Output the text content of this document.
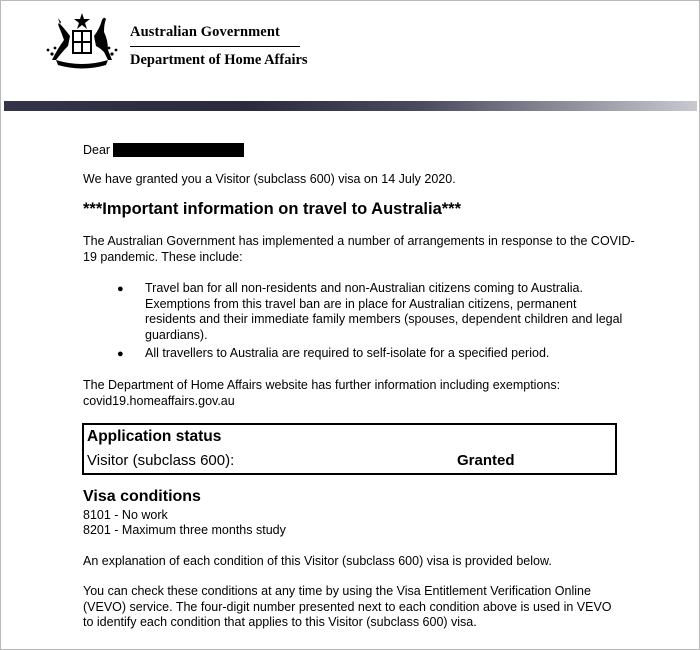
Australian Government
Department of Home Affairs
Dear
We have granted you a Visitor (subclass 600) visa on 14 July 2020.
***Important information on travel to Australia***
The Australian Government has implemented a number of arrangements in response to the COVID-19 pandemic. These include:
● Travel ban for all non-residents and non-Australian citizens coming to Australia. Exemptions from this travel ban are in place for Australian citizens, permanent residents and their immediate family members (spouses, dependent children and legal guardians).
● All travellers to Australia are required to self-isolate for a specified period.
The Department of Home Affairs website has further information including exemptions:
covid19.homeaffairs.gov.au
Application status
Visitor (subclass 600):	Granted
Visa conditions
8101 - No work
8201 - Maximum three months study
An explanation of each condition of this Visitor (subclass 600) visa is provided below.
You can check these conditions at any time by using the Visa Entitlement Verification Online (VEVO) service. The four-digit number presented next to each condition above is used in VEVO to identify each condition that applies to this Visitor (subclass 600) visa.
